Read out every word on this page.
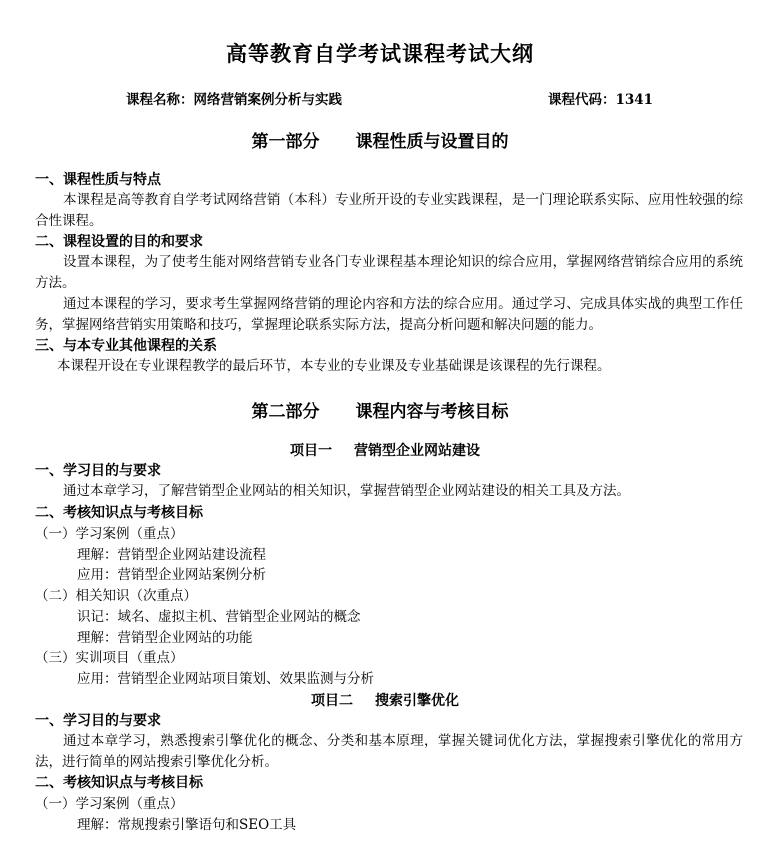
高等教育自学考试课程考试大纲
课程名称：网络营销案例分析与实践	课程代码：1341
第一部分 课程性质与设置目的
一、课程性质与特点

本课程是高等教育自学考试网络营销（本科）专业所开设的专业实践课程，是一门理论联系实际、应用性较强的综合性课程。

二、课程设置的目的和要求

设置本课程，为了使考生能对网络营销专业各门专业课程基本理论知识的综合应用，掌握网络营销综合应用的系统方法。

通过本课程的学习，要求考生掌握网络营销的理论内容和方法的综合应用。通过学习、完成具体实战的典型工作任务，掌握网络营销实用策略和技巧，掌握理论联系实际方法，提高分析问题和解决问题的能力。

三、与本专业其他课程的关系

本课程开设在专业课程教学的最后环节，本专业的专业课及专业基础课是该课程的先行课程。

第二部分 课程内容与考核目标
项目一 营销型企业网站建设
一、学习目的与要求

通过本章学习，了解营销型企业网站的相关知识，掌握营销型企业网站建设的相关工具及方法。

二、考核知识点与考核目标
（一）学习案例（重点）
理解：营销型企业网站建设流程
应用：营销型企业网站案例分析
（二）相关知识（次重点）
识记：域名、虚拟主机、营销型企业网站的概念
理解：营销型企业网站的功能
（三）实训项目（重点）
应用：营销型企业网站项目策划、效果监测与分析
项目二 搜索引擎优化
一、学习目的与要求

通过本章学习，熟悉搜索引擎优化的概念、分类和基本原理，掌握关键词优化方法，掌握搜索引擎优化的常用方法，进行简单的网站搜索引擎优化分析。

二、考核知识点与考核目标
（一）学习案例（重点）
理解：常规搜索引擎语句和SEO工具
